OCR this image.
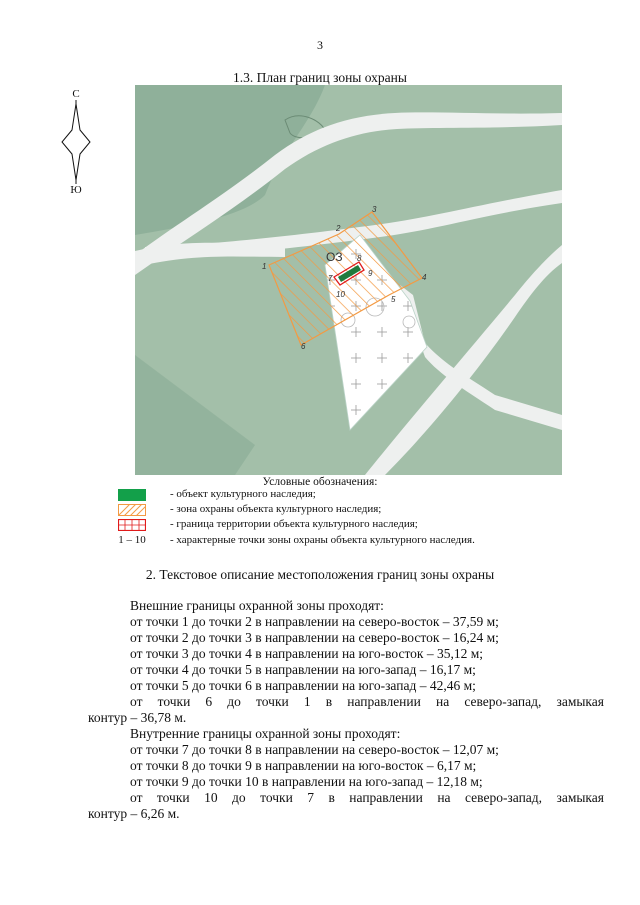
3
1.3. План границ зоны охраны
С
Ю
ОЗ
1
2
3
4
5
6
7
8
9
10
Условные обозначения:
- объект культурного наследия;
- зона охраны объекта культурного наследия;
- граница территории объекта культурного наследия;
1 – 10	- характерные точки зоны охраны объекта культурного наследия.
2. Текстовое описание местоположения границ зоны охраны
Внешние границы охранной зоны проходят:
от точки 1 до точки 2 в направлении на северо-восток – 37,59 м;
от точки 2 до точки 3 в направлении на северо-восток – 16,24 м;
от точки 3 до точки 4 в направлении на юго-восток – 35,12 м;
от точки 4 до точки 5 в направлении на юго-запад – 16,17 м;
от точки 5 до точки 6 в направлении на юго-запад – 42,46 м;
от точки 6 до точки 1 в направлении на северо-запад, замыкая
контур – 36,78 м.
Внутренние границы охранной зоны проходят:
от точки 7 до точки 8 в направлении на северо-восток – 12,07 м;
от точки 8 до точки 9 в направлении на юго-восток – 6,17 м;
от точки 9 до точки 10 в направлении на юго-запад – 12,18 м;
от точки 10 до точки 7 в направлении на северо-запад, замыкая
контур – 6,26 м.
